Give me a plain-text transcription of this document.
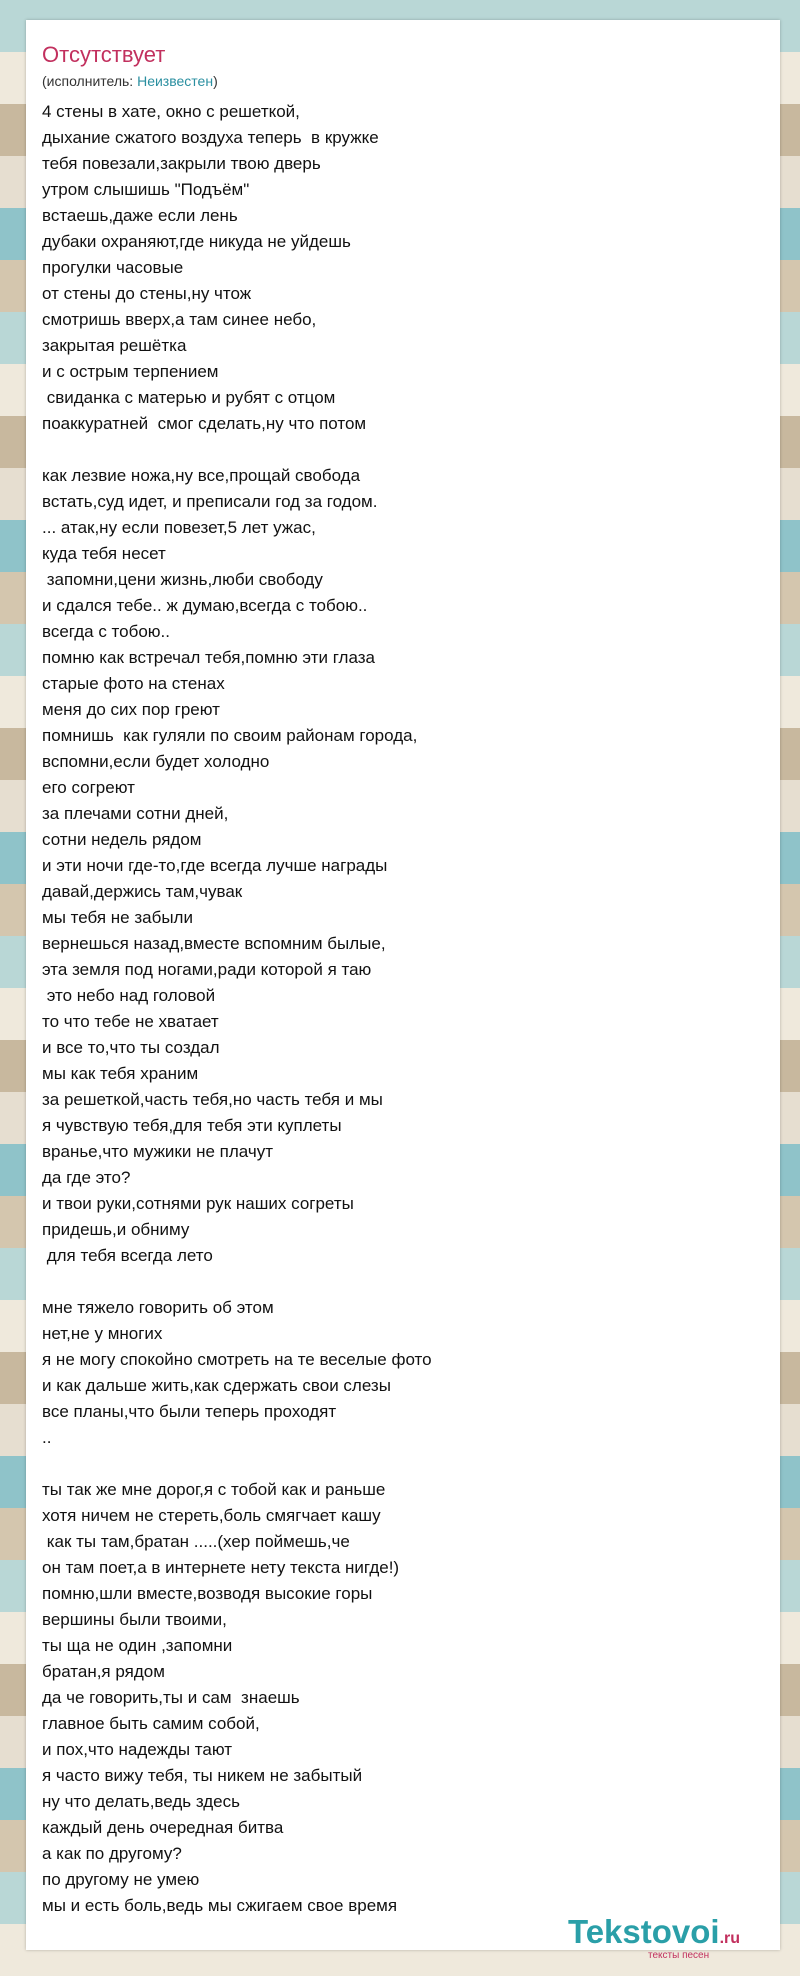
Отсутствует
(исполнитель: Неизвестен)
4 стены в хате, окно с решеткой,
дыхание сжатого воздуха теперь  в кружке
тебя повезали,закрыли твою дверь
утром слышишь "Подъём"
встаешь,даже если лень
дубаки охраняют,где никуда не уйдешь
прогулки часовые
от стены до стены,ну чтож
смотришь вверх,а там синее небо,
закрытая решётка
и с острым терпением
свиданка с матерью и рубят с отцом
поаккуратней  смог сделать,ну что потом
как лезвие ножа,ну все,прощай свобода
встать,суд идет, и преписали год за годом.
... атак,ну если повезет,5 лет ужас,
куда тебя несет
запомни,цени жизнь,люби свободу
и сдался тебе.. ж думаю,всегда с тобою..
всегда с тобою..
помню как встречал тебя,помню эти глаза
старые фото на стенах
меня до сих пор греют
помнишь  как гуляли по своим районам города,
вспомни,если будет холодно
его согреют
за плечами сотни дней,
сотни недель рядом
и эти ночи где-то,где всегда лучше награды
давай,держись там,чувак
мы тебя не забыли
вернешься назад,вместе вспомним былые,
эта земля под ногами,ради которой я таю
это небо над головой
то что тебе не хватает
и все то,что ты создал
мы как тебя храним
за решеткой,часть тебя,но часть тебя и мы
я чувствую тебя,для тебя эти куплеты
вранье,что мужики не плачут
да где это?
и твои руки,сотнями рук наших согреты
придешь,и обниму
для тебя всегда лето
мне тяжело говорить об этом
нет,не у многих
я не могу спокойно смотреть на те веселые фото
и как дальше жить,как сдержать свои слезы
все планы,что были теперь проходят
..
ты так же мне дорог,я с тобой как и раньше
хотя ничем не стереть,боль смягчает кашу
как ты там,братан .....(хер поймешь,че
он там поет,а в интернете нету текста нигде!)
помню,шли вместе,возводя высокие горы
вершины были твоими,
ты ща не один ,запомни
братан,я рядом
да че говорить,ты и сам  знаешь
главное быть самим собой,
и пох,что надежды тают
я часто вижу тебя, ты никем не забытый
ну что делать,ведь здесь
каждый день очередная битва
а как по другому?
по другому не умею
мы и есть боль,ведь мы сжигаем свое время
Tekstovoi.ru
тексты песен
